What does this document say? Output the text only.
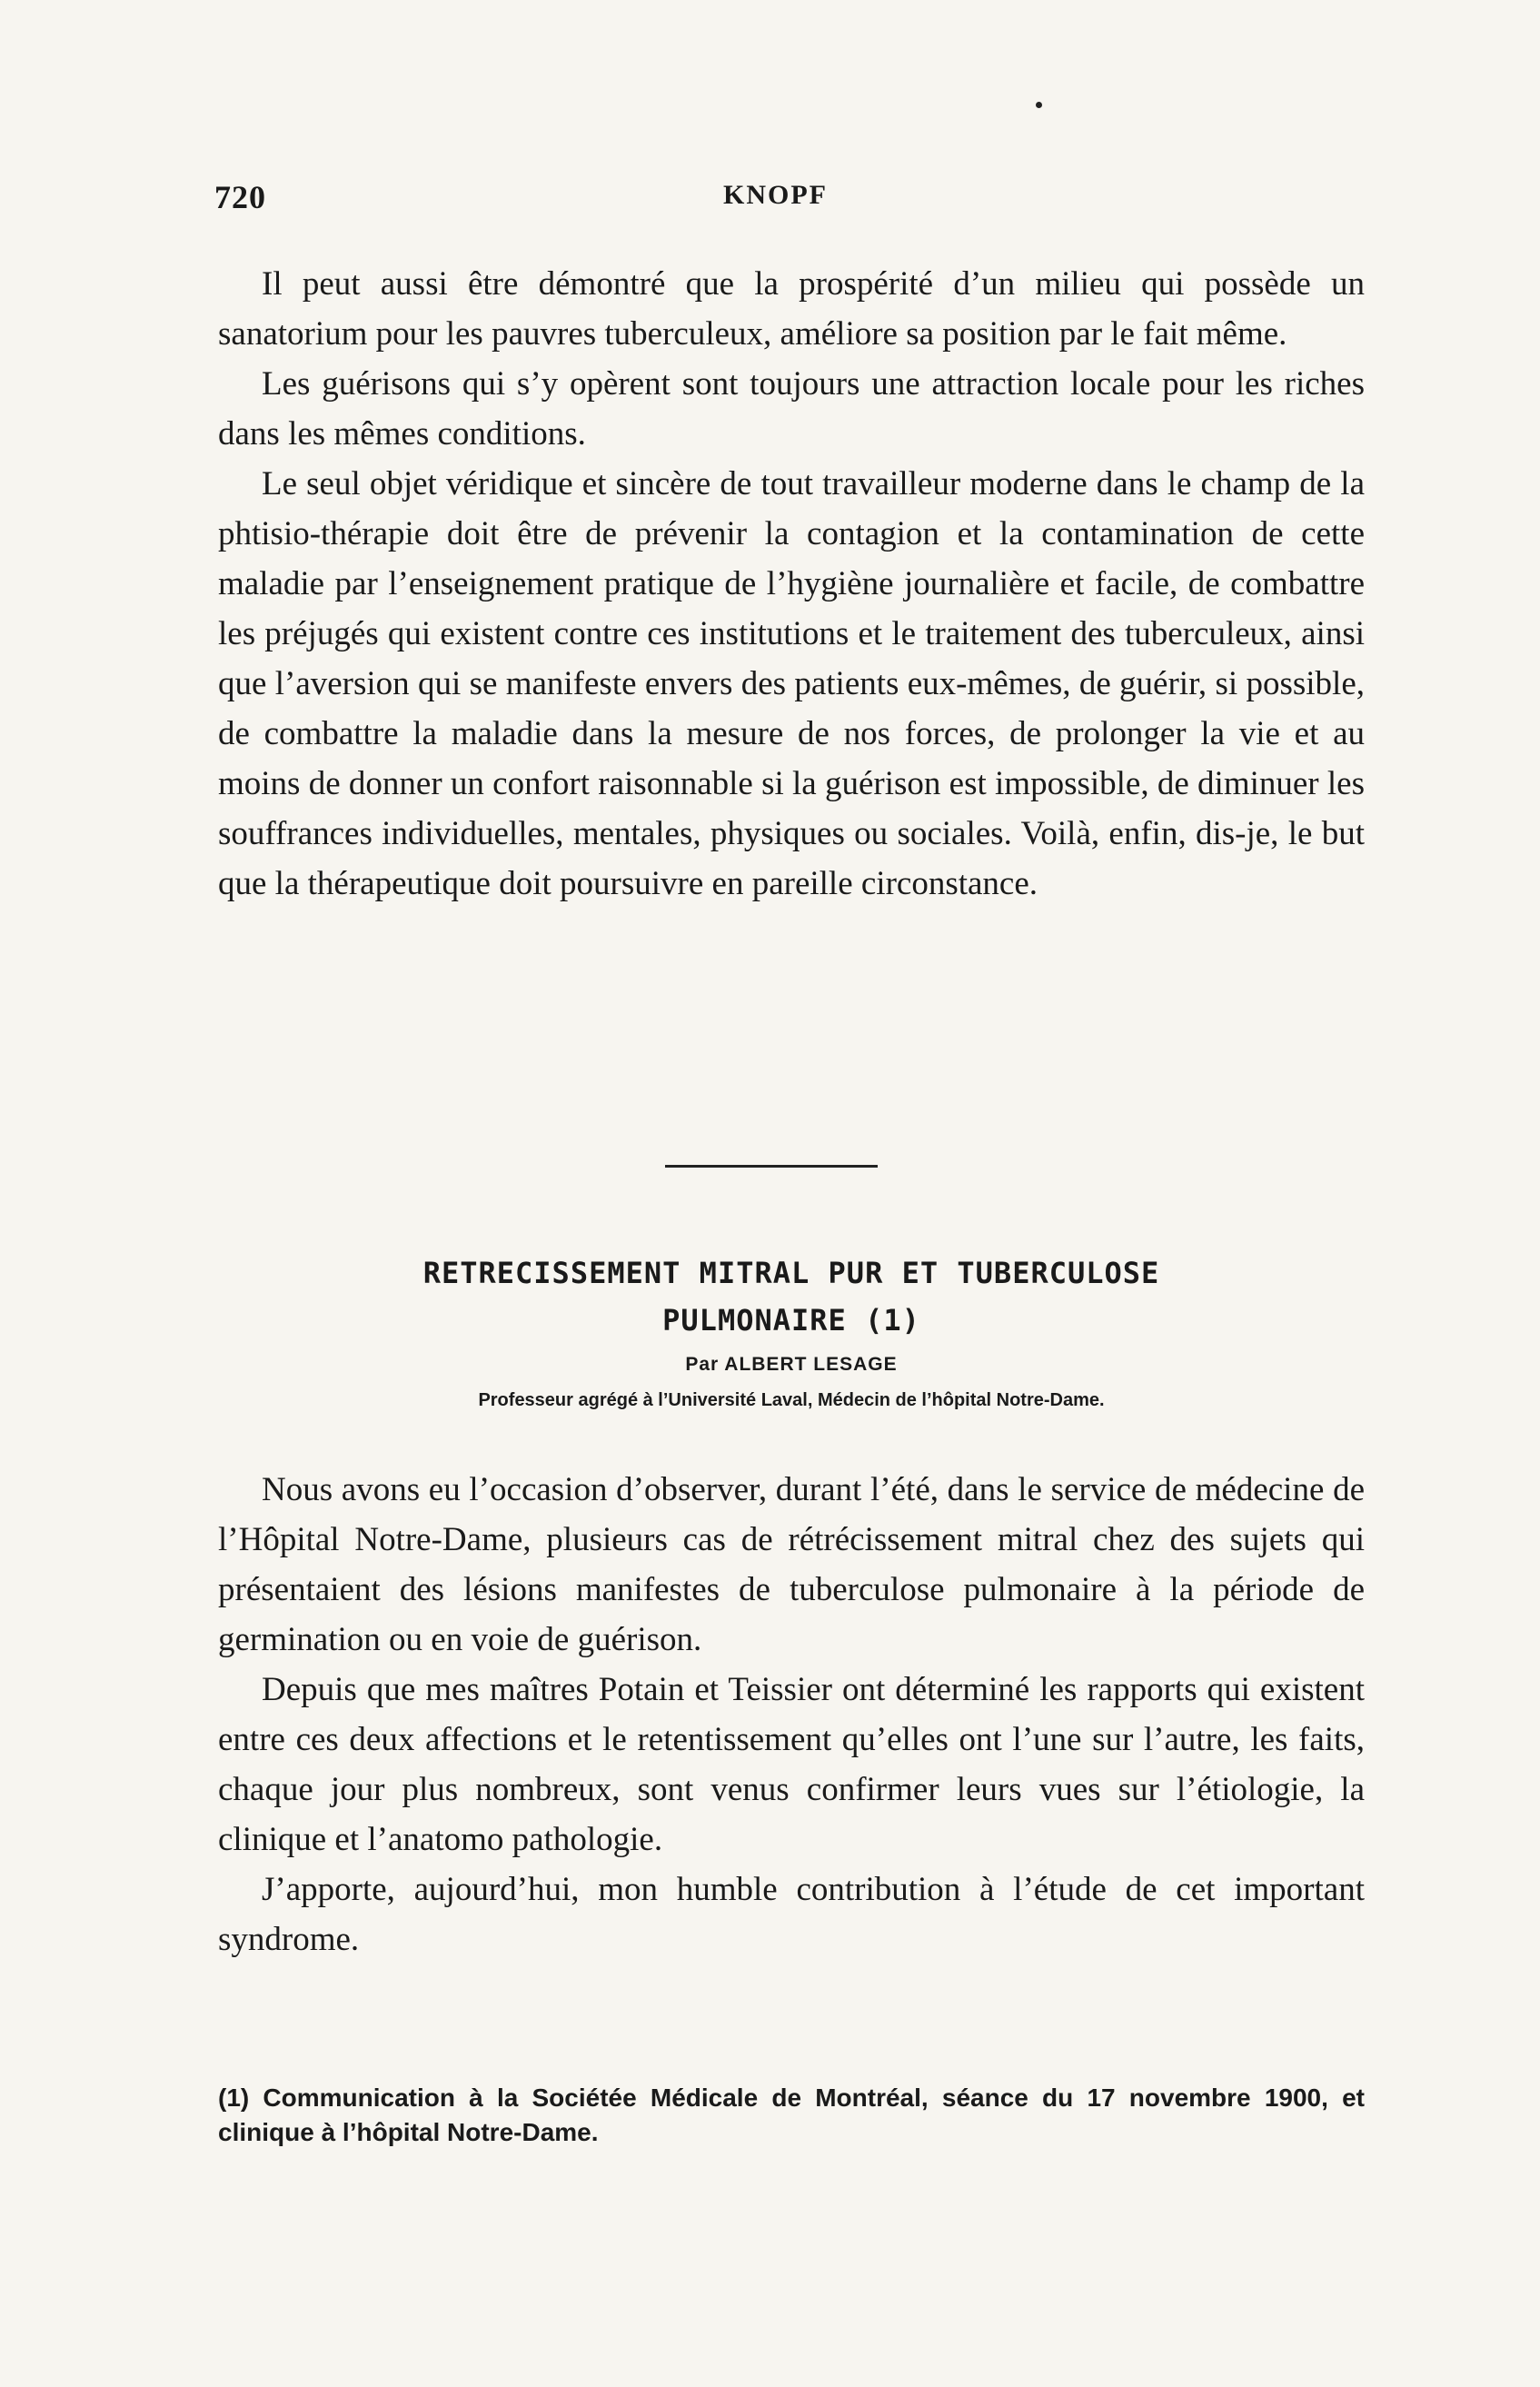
720	KNOPF

Il peut aussi être démontré que la prospérité d’un milieu qui possède un sanatorium pour les pauvres tuberculeux, améliore sa position par le fait même.

Les guérisons qui s’y opèrent sont toujours une attraction locale pour les riches dans les mêmes conditions.

Le seul objet véridique et sincère de tout travailleur moderne dans le champ de la phtisio-thérapie doit être de prévenir la contagion et la contamination de cette maladie par l’enseignement pratique de l’hygiène journalière et facile, de combattre les préjugés qui existent contre ces institutions et le traitement des tuberculeux, ainsi que l’aversion qui se manifeste envers des patients eux-mêmes, de guérir, si possible, de combattre la maladie dans la mesure de nos forces, de prolonger la vie et au moins de donner un confort raisonnable si la guérison est impossible, de diminuer les souffrances individuelles, mentales, physiques ou sociales. Voilà, enfin, dis-je, le but que la thérapeutique doit poursuivre en pareille circonstance.

RETRECISSEMENT MITRAL PUR ET TUBERCULOSE
PULMONAIRE (1)
Par ALBERT LESAGE
Professeur agrégé à l’Université Laval, Médecin de l’hôpital Notre-Dame.

Nous avons eu l’occasion d’observer, durant l’été, dans le service de médecine de l’Hôpital Notre-Dame, plusieurs cas de rétrécissement mitral chez des sujets qui présentaient des lésions manifestes de tuberculose pulmonaire à la période de germination ou en voie de guérison.

Depuis que mes maîtres Potain et Teissier ont déterminé les rapports qui existent entre ces deux affections et le retentissement qu’elles ont l’une sur l’autre, les faits, chaque jour plus nombreux, sont venus confirmer leurs vues sur l’étiologie, la clinique et l’anatomo pathologie.

J’apporte, aujourd’hui, mon humble contribution à l’étude de cet important syndrome.

(1) Communication à la Sociétée Médicale de Montréal, séance du 17 novembre 1900, et clinique à l’hôpital Notre-Dame.
